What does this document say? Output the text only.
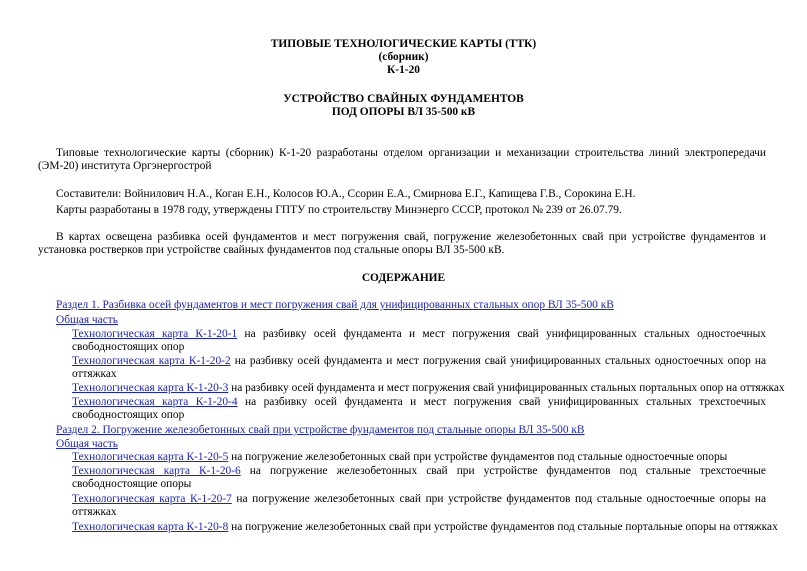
ТИПОВЫЕ ТЕХНОЛОГИЧЕСКИЕ КАРТЫ (ТТК)
(сборник)
К-1-20
УСТРОЙСТВО СВАЙНЫХ ФУНДАМЕНТОВ
ПОД ОПОРЫ ВЛ 35-500 кВ
Типовые технологические карты (сборник) К-1-20 разработаны отделом организации и механизации строительства линий электропередачи (ЭМ-20) института Оргэнергострой
Составители: Войнилович Н.А., Коган Е.Н., Колосов Ю.А., Ссорин Е.А., Смирнова Е.Г., Капищева Г.В., Сорокина Е.Н.
Карты разработаны в 1978 году, утверждены ГПТУ по строительству Минэнерго СССР, протокол № 239 от 26.07.79.
В картах освещена разбивка осей фундаментов и мест погружения свай, погружение железобетонных свай при устройстве фундаментов и установка ростверков при устройстве свайных фундаментов под стальные опоры ВЛ 35-500 кВ.
СОДЕРЖАНИЕ
Раздел 1. Разбивка осей фундаментов и мест погружения свай для унифицированных стальных опор ВЛ 35-500 кВ
Общая часть
Технологическая карта К-1-20-1 на разбивку осей фундамента и мест погружения свай унифицированных стальных одностоечных свободностоящих опор
Технологическая карта К-1-20-2 на разбивку осей фундамента и мест погружения свай унифицированных стальных одностоечных опор на оттяжках
Технологическая карта К-1-20-3 на разбивку осей фундамента и мест погружения свай унифицированных стальных портальных опор на оттяжках
Технологическая карта К-1-20-4 на разбивку осей фундамента и мест погружения свай унифицированных стальных трехстоечных свободностоящих опор
Раздел 2. Погружение железобетонных свай при устройстве фундаментов под стальные опоры ВЛ 35-500 кВ
Общая часть
Технологическая карта К-1-20-5 на погружение железобетонных свай при устройстве фундаментов под стальные одностоечные опоры
Технологическая карта К-1-20-6 на погружение железобетонных свай при устройстве фундаментов под стальные трехстоечные свободностоящие опоры
Технологическая карта К-1-20-7 на погружение железобетонных свай при устройстве фундаментов под стальные одностоечные опоры на оттяжках
Технологическая карта К-1-20-8 на погружение железобетонных свай при устройстве фундаментов под стальные портальные опоры на оттяжках
